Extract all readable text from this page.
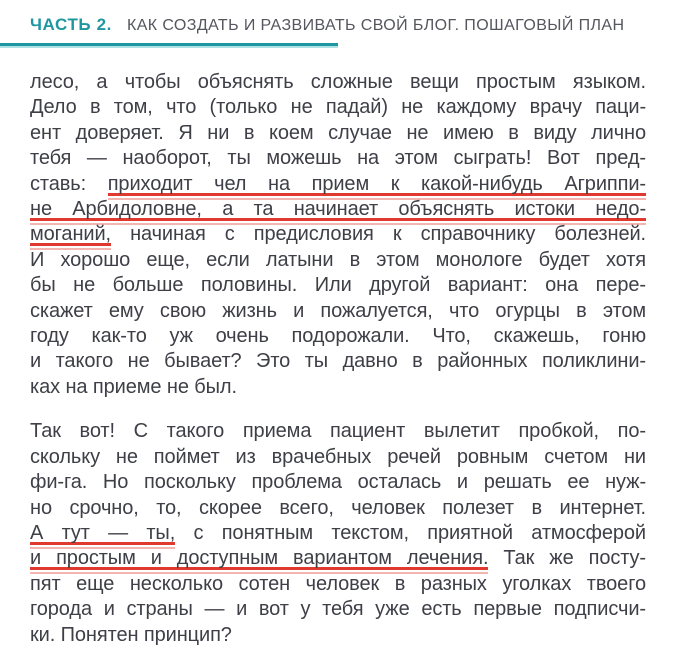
ЧАСТЬ 2. КАК СОЗДАТЬ И РАЗВИВАТЬ СВОЙ БЛОГ. ПОШАГОВЫЙ ПЛАН
лесо, а чтобы объяснять сложные вещи простым языком.
Дело в том, что (только не падай) не каждому врачу паци-
ент доверяет. Я ни в коем случае не имею в виду лично
тебя — наоборот, ты можешь на этом сыграть! Вот пред-
ставь: приходит чел на прием к какой-нибудь Агриппи-
не Арбидоловне, а та начинает объяснять истоки недо-
моганий, начиная с предисловия к справочнику болезней.
И хорошо еще, если латыни в этом монологе будет хотя
бы не больше половины. Или другой вариант: она пере-
скажет ему свою жизнь и пожалуется, что огурцы в этом
году как-то уж очень подорожали. Что, скажешь, гоню
и такого не бывает? Это ты давно в районных поликлини-
ках на приеме не был.
Так вот! С такого приема пациент вылетит пробкой, по-
скольку не поймет из врачебных речей ровным счетом ни
фи-га. Но поскольку проблема осталась и решать ее нуж-
но срочно, то, скорее всего, человек полезет в интернет.
А тут — ты, с понятным текстом, приятной атмосферой
и простым и доступным вариантом лечения. Так же посту-
пят еще несколько сотен человек в разных уголках твоего
города и страны — и вот у тебя уже есть первые подписчи-
ки. Понятен принцип?
